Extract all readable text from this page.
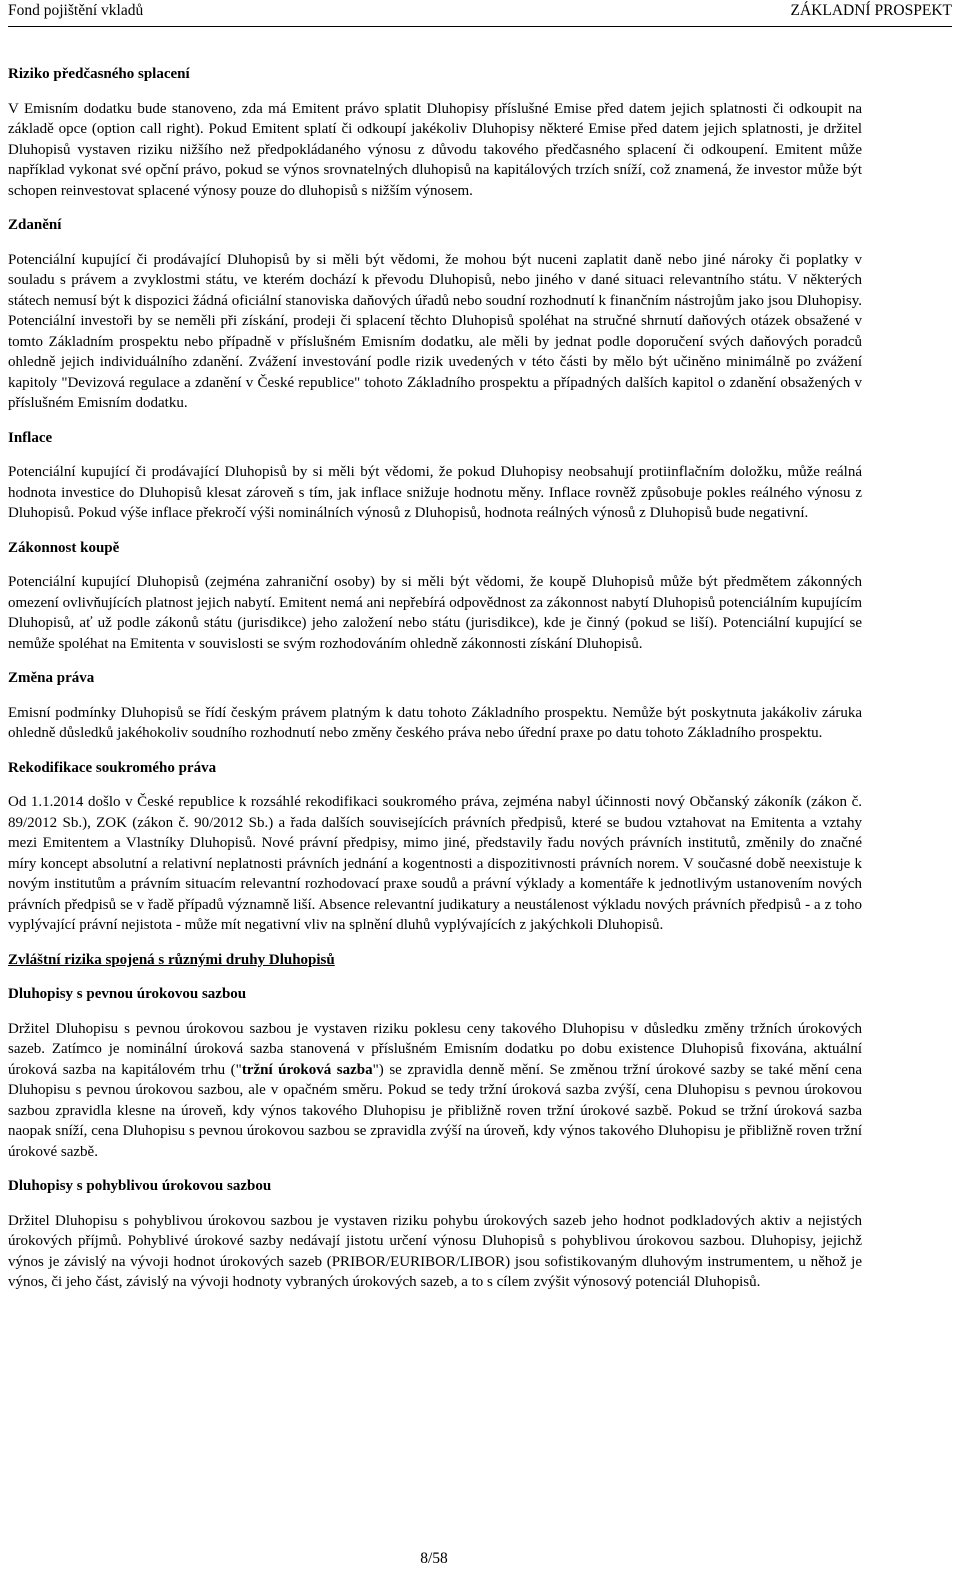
Fond pojištění vkladů	ZÁKLADNÍ PROSPEKT
Riziko předčasného splacení
V Emisním dodatku bude stanoveno, zda má Emitent právo splatit Dluhopisy příslušné Emise před datem jejich splatnosti či odkoupit na základě opce (option call right). Pokud Emitent splatí či odkoupí jakékoliv Dluhopisy některé Emise před datem jejich splatnosti, je držitel Dluhopisů vystaven riziku nižšího než předpokládaného výnosu z důvodu takového předčasného splacení či odkoupení. Emitent může například vykonat své opční právo, pokud se výnos srovnatelných dluhopisů na kapitálových trzích sníží, což znamená, že investor může být schopen reinvestovat splacené výnosy pouze do dluhopisů s nižším výnosem.
Zdanění
Potenciální kupující či prodávající Dluhopisů by si měli být vědomi, že mohou být nuceni zaplatit daně nebo jiné nároky či poplatky v souladu s právem a zvyklostmi státu, ve kterém dochází k převodu Dluhopisů, nebo jiného v dané situaci relevantního státu. V některých státech nemusí být k dispozici žádná oficiální stanoviska daňových úřadů nebo soudní rozhodnutí k finančním nástrojům jako jsou Dluhopisy. Potenciální investoři by se neměli při získání, prodeji či splacení těchto Dluhopisů spoléhat na stručné shrnutí daňových otázek obsažené v tomto Základním prospektu nebo případně v příslušném Emisním dodatku, ale měli by jednat podle doporučení svých daňových poradců ohledně jejich individuálního zdanění. Zvážení investování podle rizik uvedených v této části by mělo být učiněno minimálně po zvážení kapitoly "Devizová regulace a zdanění v České republice" tohoto Základního prospektu a případných dalších kapitol o zdanění obsažených v příslušném Emisním dodatku.
Inflace
Potenciální kupující či prodávající Dluhopisů by si měli být vědomi, že pokud Dluhopisy neobsahují protiinflačním doložku, může reálná hodnota investice do Dluhopisů klesat zároveň s tím, jak inflace snižuje hodnotu měny. Inflace rovněž způsobuje pokles reálného výnosu z Dluhopisů. Pokud výše inflace překročí výši nominálních výnosů z Dluhopisů, hodnota reálných výnosů z Dluhopisů bude negativní.
Zákonnost koupě
Potenciální kupující Dluhopisů (zejména zahraniční osoby) by si měli být vědomi, že koupě Dluhopisů může být předmětem zákonných omezení ovlivňujících platnost jejich nabytí. Emitent nemá ani nepřebírá odpovědnost za zákonnost nabytí Dluhopisů potenciálním kupujícím Dluhopisů, ať už podle zákonů státu (jurisdikce) jeho založení nebo státu (jurisdikce), kde je činný (pokud se liší). Potenciální kupující se nemůže spoléhat na Emitenta v souvislosti se svým rozhodováním ohledně zákonnosti získání Dluhopisů.
Změna práva
Emisní podmínky Dluhopisů se řídí českým právem platným k datu tohoto Základního prospektu. Nemůže být poskytnuta jakákoliv záruka ohledně důsledků jakéhokoliv soudního rozhodnutí nebo změny českého práva nebo úřední praxe po datu tohoto Základního prospektu.
Rekodifikace soukromého práva
Od 1.1.2014 došlo v České republice k rozsáhlé rekodifikaci soukromého práva, zejména nabyl účinnosti nový Občanský zákoník (zákon č. 89/2012 Sb.), ZOK (zákon č. 90/2012 Sb.) a řada dalších souvisejících právních předpisů, které se budou vztahovat na Emitenta a vztahy mezi Emitentem a Vlastníky Dluhopisů. Nové právní předpisy, mimo jiné, představily řadu nových právních institutů, změnily do značné míry koncept absolutní a relativní neplatnosti právních jednání a kogentnosti a dispozitivnosti právních norem. V současné době neexistuje k novým institutům a právním situacím relevantní rozhodovací praxe soudů a právní výklady a komentáře k jednotlivým ustanovením nových právních předpisů se v řadě případů významně liší. Absence relevantní judikatury a neustálenost výkladu nových právních předpisů - a z toho vyplývající právní nejistota - může mít negativní vliv na splnění dluhů vyplývajících z jakýchkoli Dluhopisů.
Zvláštní rizika spojená s různými druhy Dluhopisů
Dluhopisy s pevnou úrokovou sazbou
Držitel Dluhopisu s pevnou úrokovou sazbou je vystaven riziku poklesu ceny takového Dluhopisu v důsledku změny tržních úrokových sazeb. Zatímco je nominální úroková sazba stanovená v příslušném Emisním dodatku po dobu existence Dluhopisů fixována, aktuální úroková sazba na kapitálovém trhu ("tržní úroková sazba") se zpravidla denně mění. Se změnou tržní úrokové sazby se také mění cena Dluhopisu s pevnou úrokovou sazbou, ale v opačném směru. Pokud se tedy tržní úroková sazba zvýší, cena Dluhopisu s pevnou úrokovou sazbou zpravidla klesne na úroveň, kdy výnos takového Dluhopisu je přibližně roven tržní úrokové sazbě. Pokud se tržní úroková sazba naopak sníží, cena Dluhopisu s pevnou úrokovou sazbou se zpravidla zvýší na úroveň, kdy výnos takového Dluhopisu je přibližně roven tržní úrokové sazbě.
Dluhopisy s pohyblivou úrokovou sazbou
Držitel Dluhopisu s pohyblivou úrokovou sazbou je vystaven riziku pohybu úrokových sazeb jeho hodnot podkladových aktiv a nejistých úrokových příjmů. Pohyblivé úrokové sazby nedávají jistotu určení výnosu Dluhopisů s pohyblivou úrokovou sazbou. Dluhopisy, jejichž výnos je závislý na vývoji hodnot úrokových sazeb (PRIBOR/EURIBOR/LIBOR) jsou sofistikovaným dluhovým instrumentem, u něhož je výnos, či jeho část, závislý na vývoji hodnoty vybraných úrokových sazeb, a to s cílem zvýšit výnosový potenciál Dluhopisů.
8/58
